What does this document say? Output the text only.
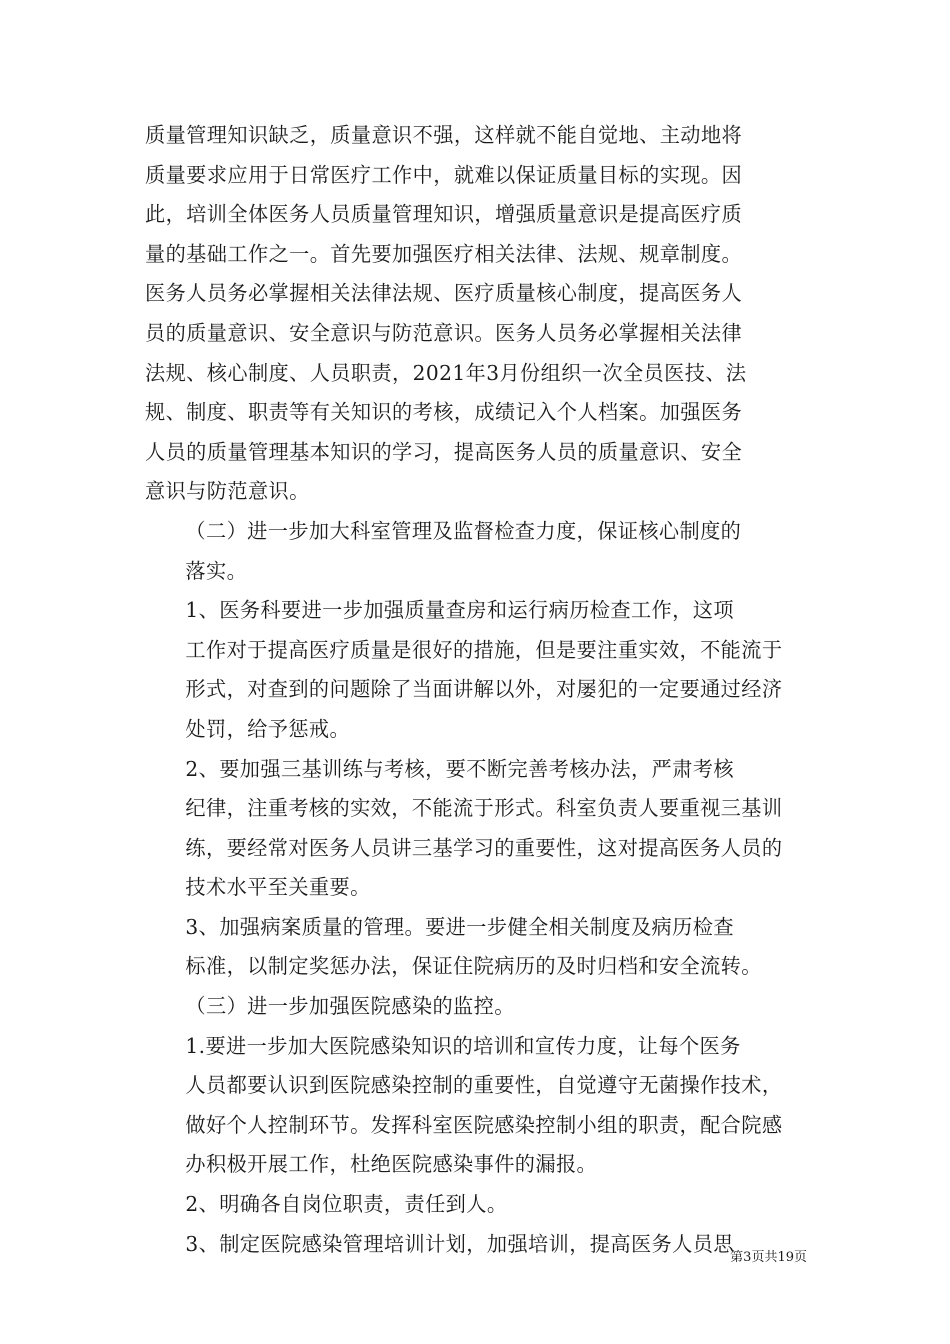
质量管理知识缺乏，质量意识不强，这样就不能自觉地、主动地将
质量要求应用于日常医疗工作中，就难以保证质量目标的实现。因
此，培训全体医务人员质量管理知识，增强质量意识是提高医疗质
量的基础工作之一。首先要加强医疗相关法律、法规、规章制度。
医务人员务必掌握相关法律法规、医疗质量核心制度，提高医务人
员的质量意识、安全意识与防范意识。医务人员务必掌握相关法律
法规、核心制度、人员职责，2021年3月份组织一次全员医技、法
规、制度、职责等有关知识的考核，成绩记入个人档案。加强医务
人员的质量管理基本知识的学习，提高医务人员的质量意识、安全
意识与防范意识。

（二）进一步加大科室管理及监督检查力度，保证核心制度的
落实。

1、医务科要进一步加强质量查房和运行病历检查工作，这项
工作对于提高医疗质量是很好的措施，但是要注重实效，不能流于
形式，对查到的问题除了当面讲解以外，对屡犯的一定要通过经济
处罚，给予惩戒。

2、要加强三基训练与考核，要不断完善考核办法，严肃考核
纪律，注重考核的实效，不能流于形式。科室负责人要重视三基训
练，要经常对医务人员讲三基学习的重要性，这对提高医务人员的
技术水平至关重要。

3、加强病案质量的管理。要进一步健全相关制度及病历检查
标准，以制定奖惩办法，保证住院病历的及时归档和安全流转。

（三）进一步加强医院感染的监控。

1.要进一步加大医院感染知识的培训和宣传力度，让每个医务
人员都要认识到医院感染控制的重要性，自觉遵守无菌操作技术，
做好个人控制环节。发挥科室医院感染控制小组的职责，配合院感
办积极开展工作，杜绝医院感染事件的漏报。

2、明确各自岗位职责，责任到人。

3、制定医院感染管理培训计划，加强培训，提高医务人员思

第3页共19页
